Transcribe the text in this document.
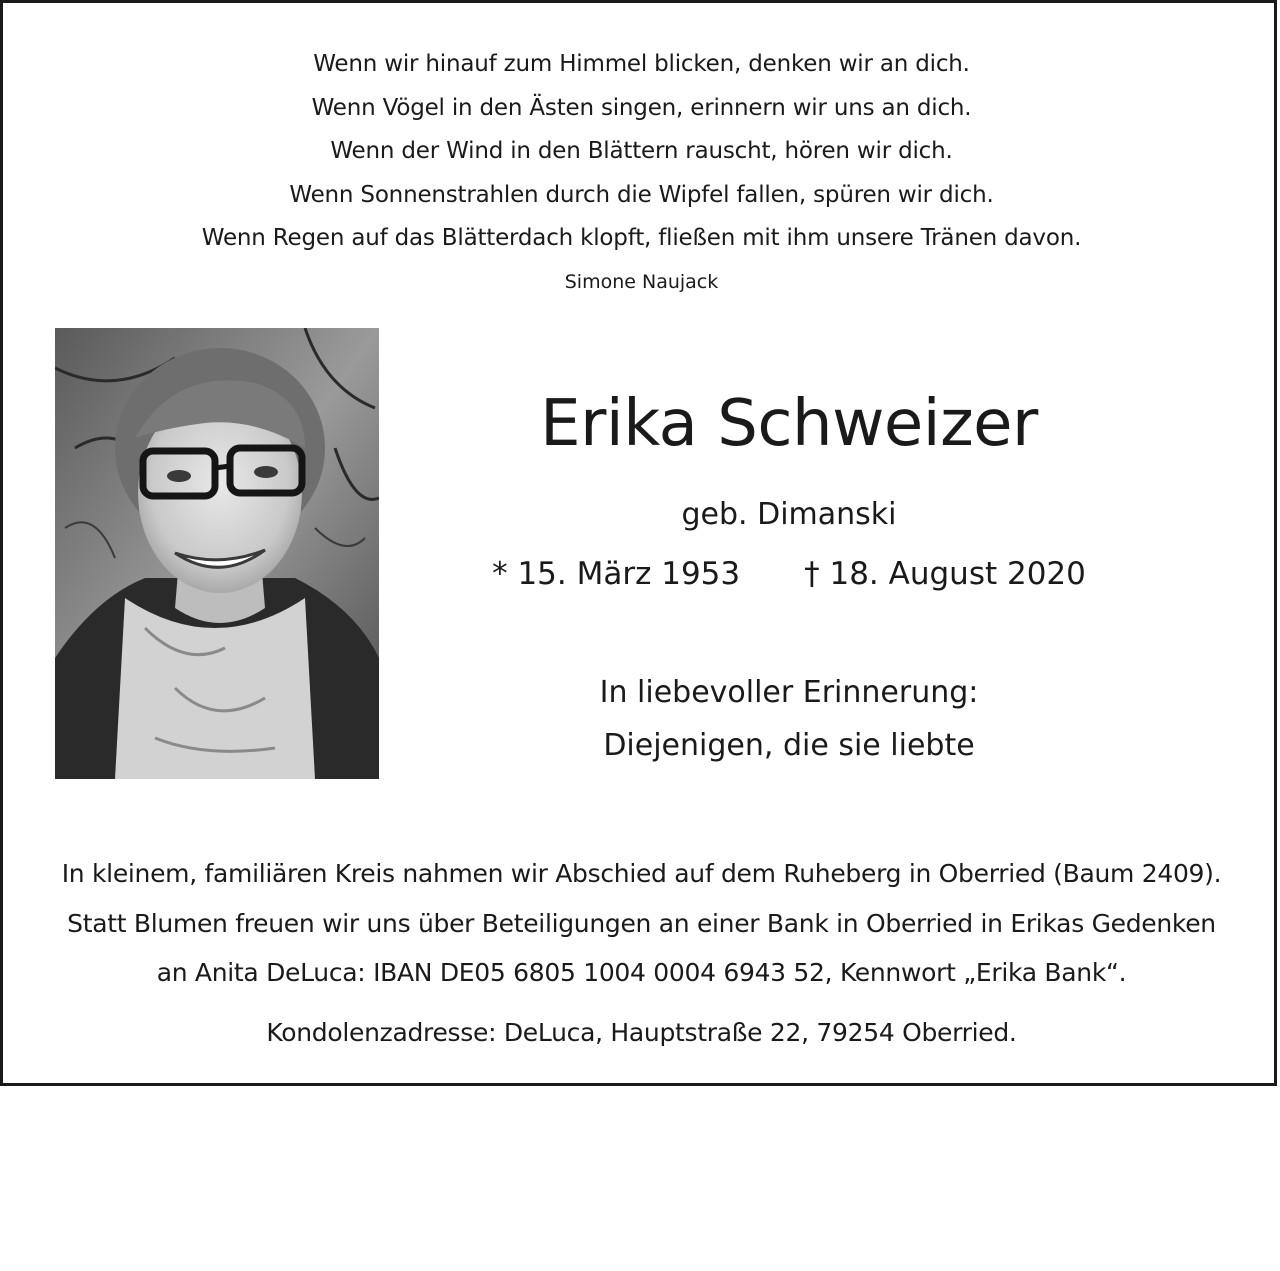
Wenn wir hinauf zum Himmel blicken, denken wir an dich.
Wenn Vögel in den Ästen singen, erinnern wir uns an dich.
Wenn der Wind in den Blättern rauscht, hören wir dich.
Wenn Sonnenstrahlen durch die Wipfel fallen, spüren wir dich.
Wenn Regen auf das Blätterdach klopft, fließen mit ihm unsere Tränen davon.
Simone Naujack
Erika Schweizer
geb. Dimanski
* 15. März 1953 † 18. August 2020
In liebevoller Erinnerung:
Diejenigen, die sie liebte
In kleinem, familiären Kreis nahmen wir Abschied auf dem Ruheberg in Oberried (Baum 2409).
Statt Blumen freuen wir uns über Beteiligungen an einer Bank in Oberried in Erikas Gedenken
an Anita DeLuca: IBAN DE05 6805 1004 0004 6943 52, Kennwort „Erika Bank“.
Kondolenzadresse: DeLuca, Hauptstraße 22, 79254 Oberried.
